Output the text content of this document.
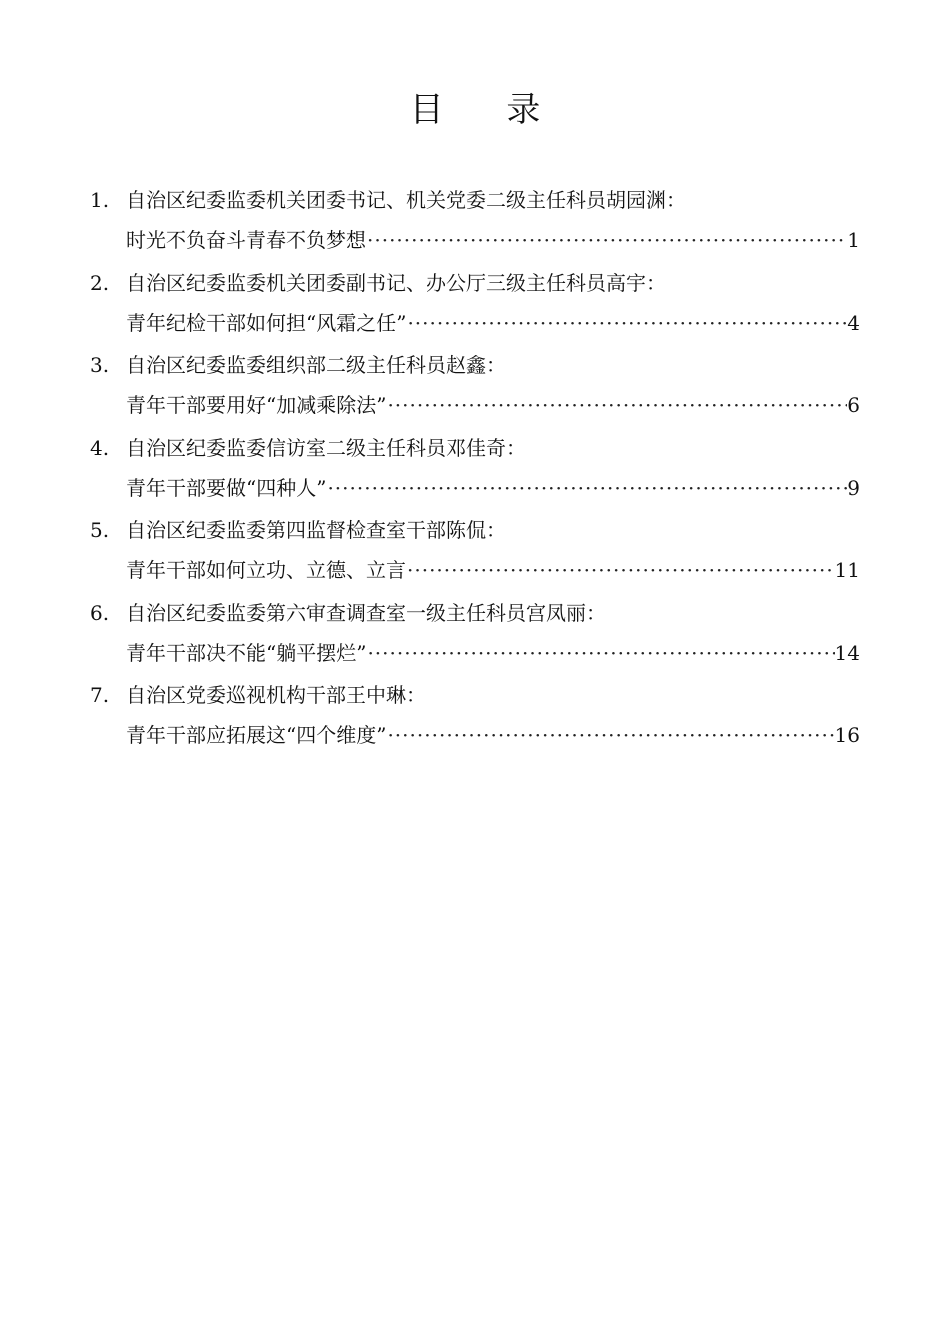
目 录
1. 自治区纪委监委机关团委书记、机关党委二级主任科员胡园渊：
时光不负奋斗青春不负梦想 ·····	1
2. 自治区纪委监委机关团委副书记、办公厅三级主任科员高宇：
青年纪检干部如何担“风霜之任” ·····	4
3. 自治区纪委监委组织部二级主任科员赵鑫：
青年干部要用好“加减乘除法” ·····	6
4. 自治区纪委监委信访室二级主任科员邓佳奇：
青年干部要做“四种人” ·····	9
5. 自治区纪委监委第四监督检查室干部陈侃：
青年干部如何立功、立德、立言 ·····	11
6. 自治区纪委监委第六审查调查室一级主任科员宫凤丽：
青年干部决不能“躺平摆烂” ·····	14
7. 自治区党委巡视机构干部王中琳：
青年干部应拓展这“四个维度” ·····	16
